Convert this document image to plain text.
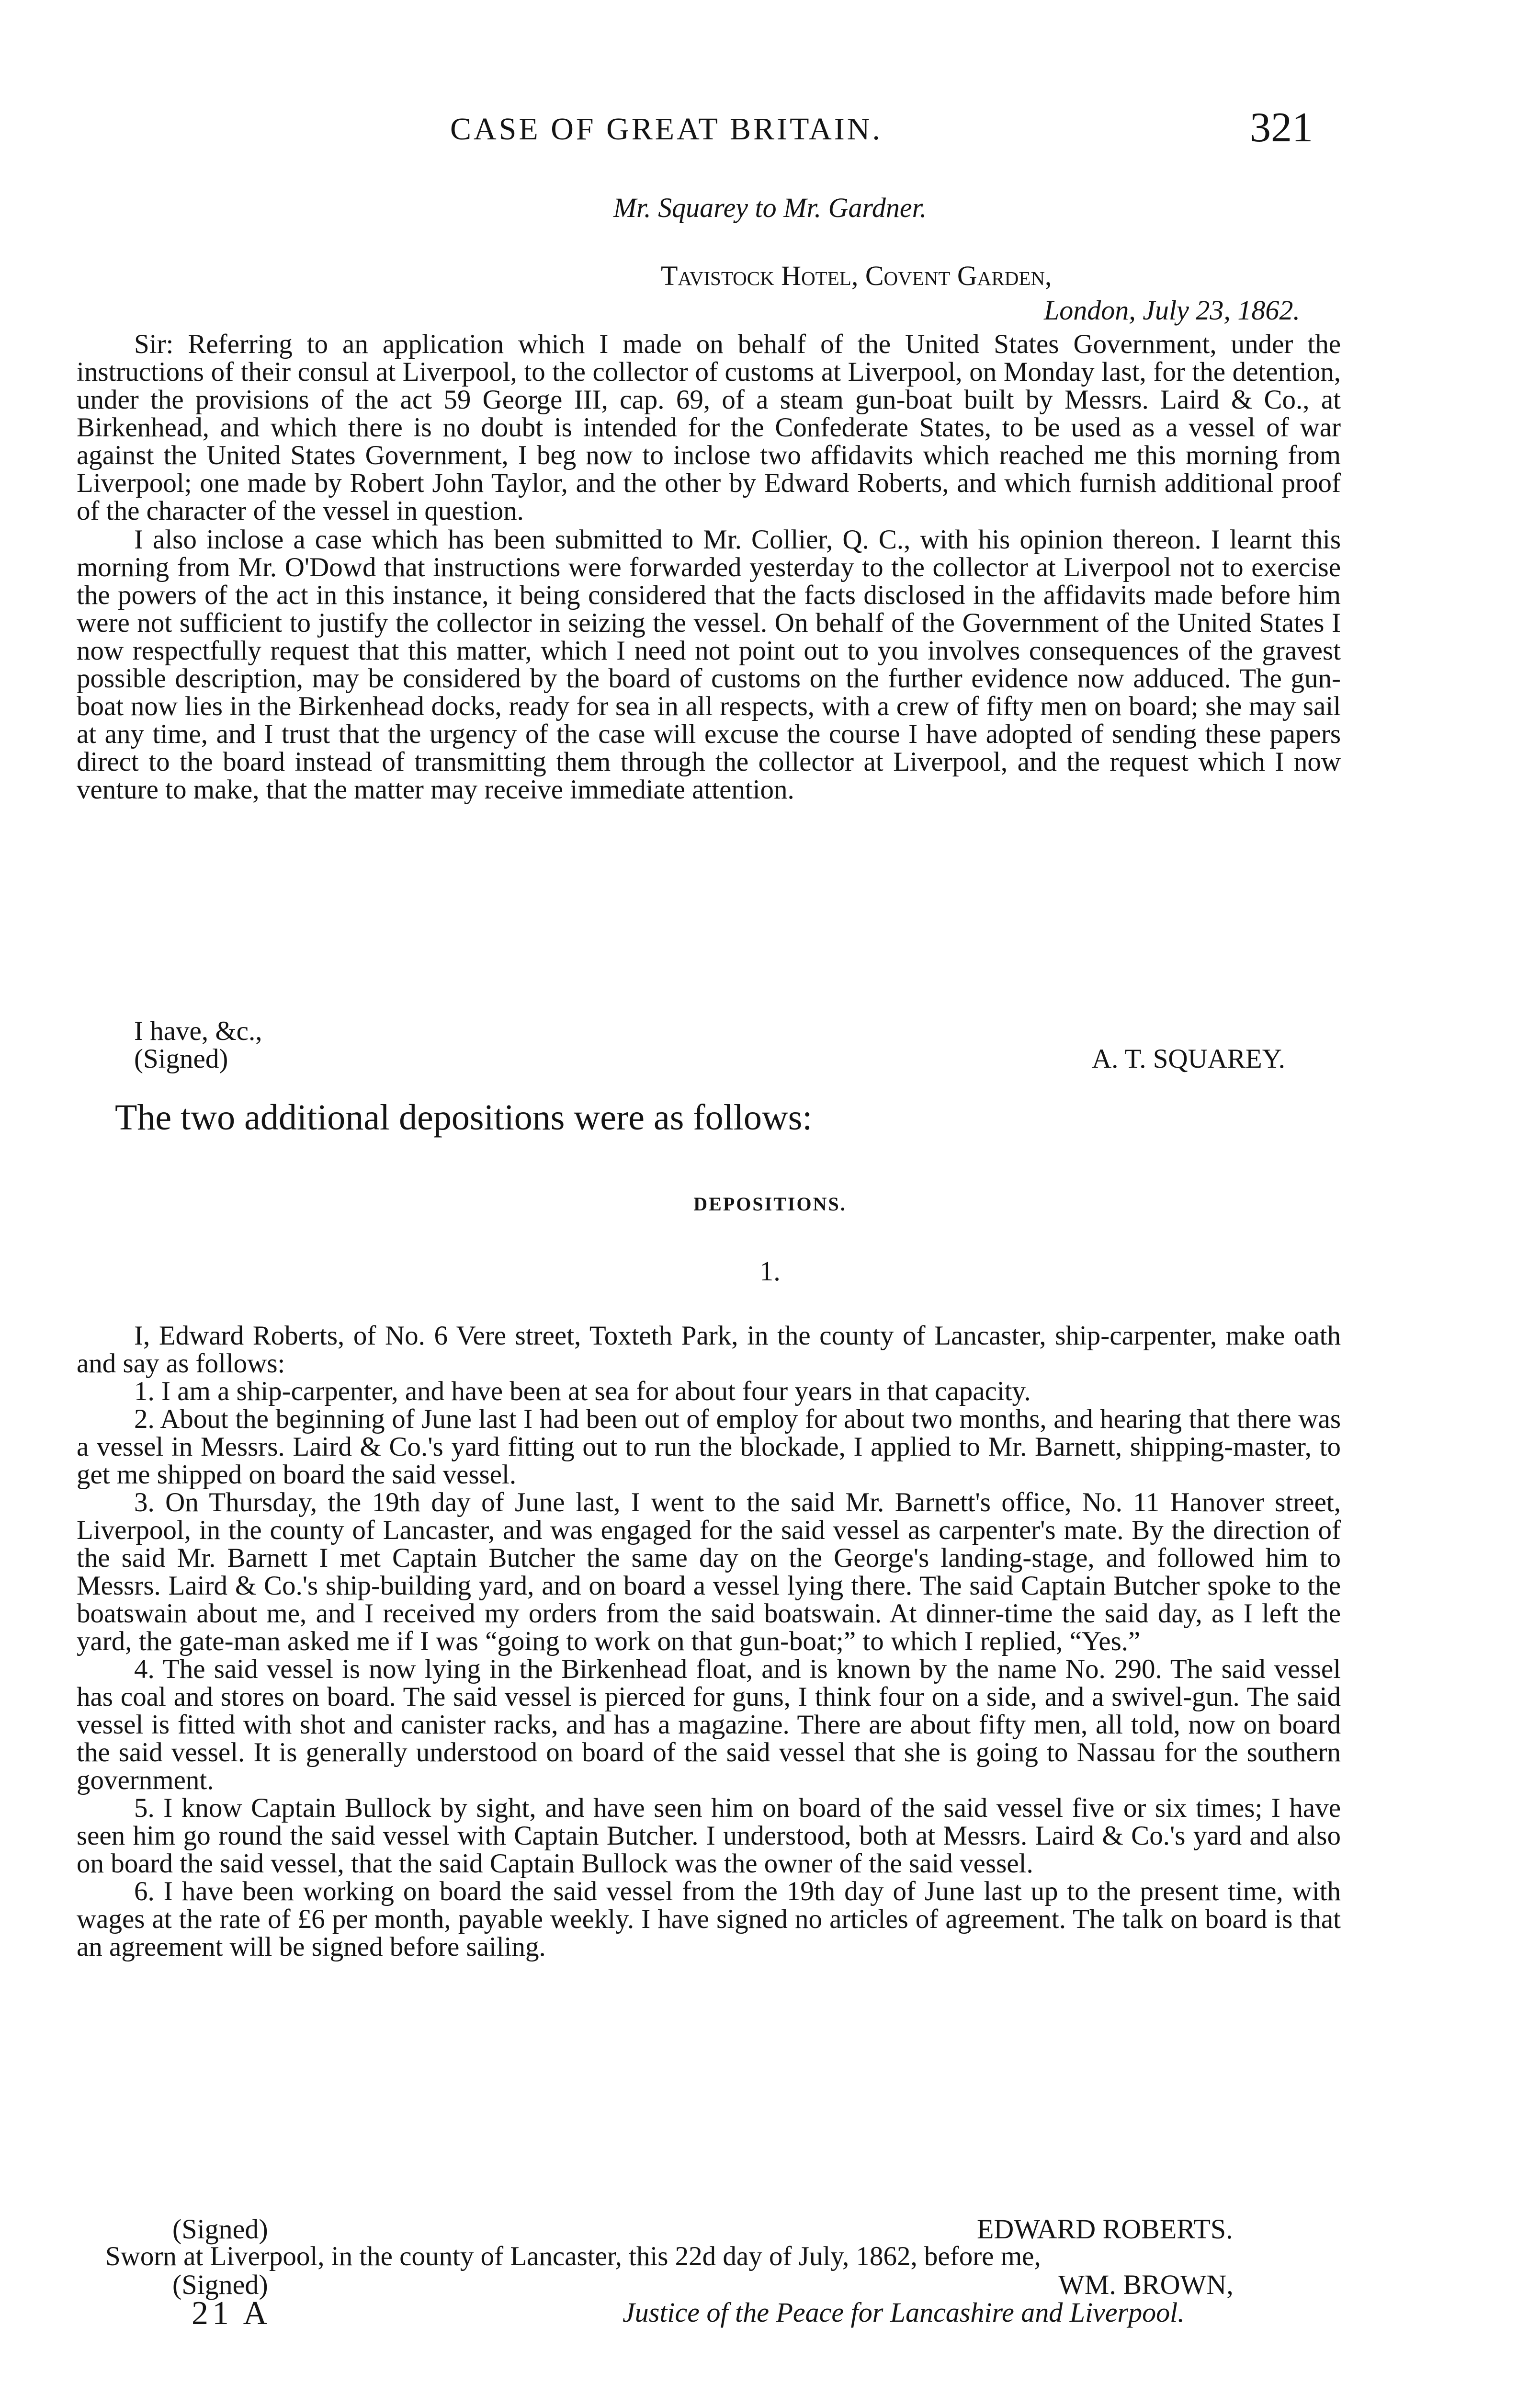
CASE OF GREAT BRITAIN.	321
Mr. Squarey to Mr. Gardner.
Tavistock Hotel, Covent Garden,
London, July 23, 1862.

Sir: Referring to an application which I made on behalf of the United States Government, under the instructions of their consul at Liverpool, to the collector of customs at Liverpool, on Monday last, for the detention, under the provisions of the act 59 George III, cap. 69, of a steam gun-boat built by Messrs. Laird & Co., at Birkenhead, and which there is no doubt is intended for the Confederate States, to be used as a vessel of war against the United States Government, I beg now to inclose two affidavits which reached me this morning from Liverpool; one made by Robert John Taylor, and the other by Edward Roberts, and which furnish additional proof of the character of the vessel in question.

I also inclose a case which has been submitted to Mr. Collier, Q. C., with his opinion thereon. I learnt this morning from Mr. O'Dowd that instructions were forwarded yesterday to the collector at Liverpool not to exercise the powers of the act in this instance, it being considered that the facts disclosed in the affidavits made before him were not sufficient to justify the collector in seizing the vessel. On behalf of the Government of the United States I now respectfully request that this matter, which I need not point out to you involves consequences of the gravest possible description, may be considered by the board of customs on the further evidence now adduced. The gun-boat now lies in the Birkenhead docks, ready for sea in all respects, with a crew of fifty men on board; she may sail at any time, and I trust that the urgency of the case will excuse the course I have adopted of sending these papers direct to the board instead of transmitting them through the collector at Liverpool, and the request which I now venture to make, that the matter may receive immediate attention.

I have, &c.,
(Signed)	A. T. SQUAREY.
The two additional depositions were as follows:
DEPOSITIONS.
1.

I, Edward Roberts, of No. 6 Vere street, Toxteth Park, in the county of Lancaster, ship-carpenter, make oath and say as follows:

1. I am a ship-carpenter, and have been at sea for about four years in that capacity.

2. About the beginning of June last I had been out of employ for about two months, and hearing that there was a vessel in Messrs. Laird & Co.'s yard fitting out to run the blockade, I applied to Mr. Barnett, shipping-master, to get me shipped on board the said vessel.

3. On Thursday, the 19th day of June last, I went to the said Mr. Barnett's office, No. 11 Hanover street, Liverpool, in the county of Lancaster, and was engaged for the said vessel as carpenter's mate. By the direction of the said Mr. Barnett I met Captain Butcher the same day on the George's landing-stage, and followed him to Messrs. Laird & Co.'s ship-building yard, and on board a vessel lying there. The said Captain Butcher spoke to the boatswain about me, and I received my orders from the said boatswain. At dinner-time the said day, as I left the yard, the gate-man asked me if I was “going to work on that gun-boat;” to which I replied, “Yes.”

4. The said vessel is now lying in the Birkenhead float, and is known by the name No. 290. The said vessel has coal and stores on board. The said vessel is pierced for guns, I think four on a side, and a swivel-gun. The said vessel is fitted with shot and canister racks, and has a magazine. There are about fifty men, all told, now on board the said vessel. It is generally understood on board of the said vessel that she is going to Nassau for the southern government.

5. I know Captain Bullock by sight, and have seen him on board of the said vessel five or six times; I have seen him go round the said vessel with Captain Butcher. I understood, both at Messrs. Laird & Co.'s yard and also on board the said vessel, that the said Captain Bullock was the owner of the said vessel.

6. I have been working on board the said vessel from the 19th day of June last up to the present time, with wages at the rate of £6 per month, payable weekly. I have signed no articles of agreement. The talk on board is that an agreement will be signed before sailing.

(Signed)	EDWARD ROBERTS.
Sworn at Liverpool, in the county of Lancaster, this 22d day of July, 1862, before me,
(Signed)	WM. BROWN,
Justice of the Peace for Lancashire and Liverpool.
21 A
